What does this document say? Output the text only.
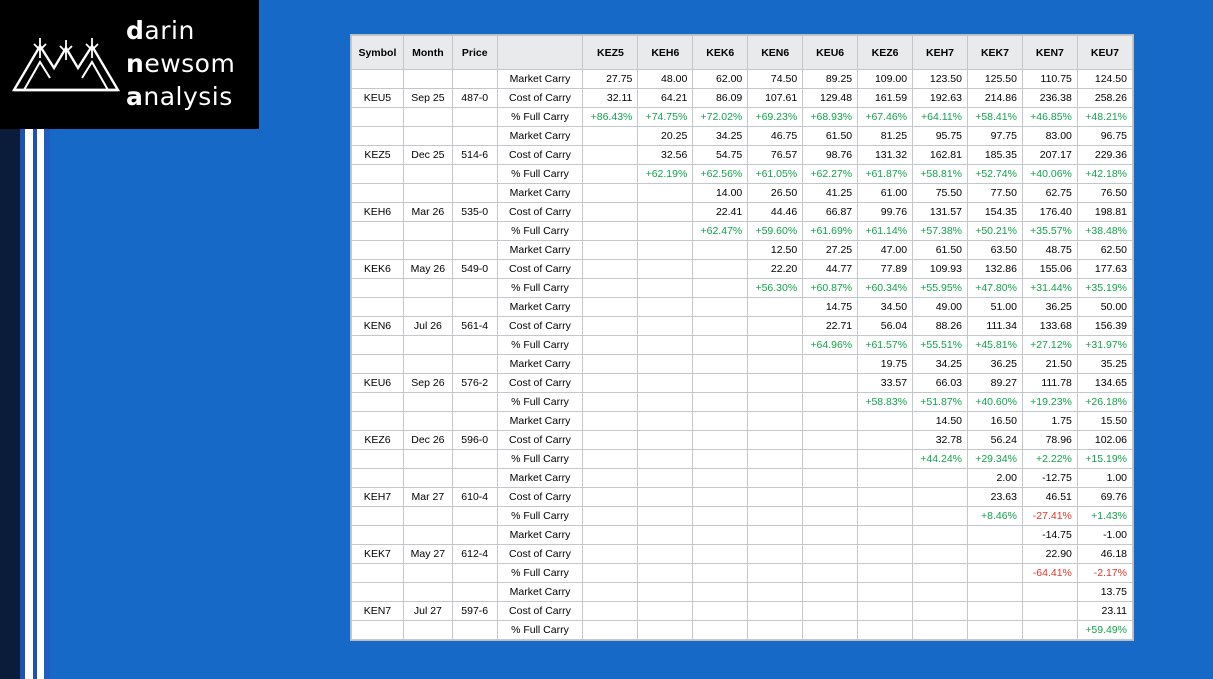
darin
newsom
analysis
Symbol	Month	Price		KEZ5	KEH6	KEK6	KEN6	KEU6	KEZ6	KEH7	KEK7	KEN7	KEU7
			Market Carry	27.75	48.00	62.00	74.50	89.25	109.00	123.50	125.50	110.75	124.50
KEU5	Sep 25	487-0	Cost of Carry	32.11	64.21	86.09	107.61	129.48	161.59	192.63	214.86	236.38	258.26
			% Full Carry	+86.43%	+74.75%	+72.02%	+69.23%	+68.93%	+67.46%	+64.11%	+58.41%	+46.85%	+48.21%
			Market Carry		20.25	34.25	46.75	61.50	81.25	95.75	97.75	83.00	96.75
KEZ5	Dec 25	514-6	Cost of Carry		32.56	54.75	76.57	98.76	131.32	162.81	185.35	207.17	229.36
			% Full Carry		+62.19%	+62.56%	+61.05%	+62.27%	+61.87%	+58.81%	+52.74%	+40.06%	+42.18%
			Market Carry			14.00	26.50	41.25	61.00	75.50	77.50	62.75	76.50
KEH6	Mar 26	535-0	Cost of Carry			22.41	44.46	66.87	99.76	131.57	154.35	176.40	198.81
			% Full Carry			+62.47%	+59.60%	+61.69%	+61.14%	+57.38%	+50.21%	+35.57%	+38.48%
			Market Carry				12.50	27.25	47.00	61.50	63.50	48.75	62.50
KEK6	May 26	549-0	Cost of Carry				22.20	44.77	77.89	109.93	132.86	155.06	177.63
			% Full Carry				+56.30%	+60.87%	+60.34%	+55.95%	+47.80%	+31.44%	+35.19%
			Market Carry					14.75	34.50	49.00	51.00	36.25	50.00
KEN6	Jul 26	561-4	Cost of Carry					22.71	56.04	88.26	111.34	133.68	156.39
			% Full Carry					+64.96%	+61.57%	+55.51%	+45.81%	+27.12%	+31.97%
			Market Carry						19.75	34.25	36.25	21.50	35.25
KEU6	Sep 26	576-2	Cost of Carry						33.57	66.03	89.27	111.78	134.65
			% Full Carry						+58.83%	+51.87%	+40.60%	+19.23%	+26.18%
			Market Carry							14.50	16.50	1.75	15.50
KEZ6	Dec 26	596-0	Cost of Carry							32.78	56.24	78.96	102.06
			% Full Carry							+44.24%	+29.34%	+2.22%	+15.19%
			Market Carry								2.00	-12.75	1.00
KEH7	Mar 27	610-4	Cost of Carry								23.63	46.51	69.76
			% Full Carry								+8.46%	-27.41%	+1.43%
			Market Carry									-14.75	-1.00
KEK7	May 27	612-4	Cost of Carry									22.90	46.18
			% Full Carry									-64.41%	-2.17%
			Market Carry										13.75
KEN7	Jul 27	597-6	Cost of Carry										23.11
			% Full Carry										+59.49%
